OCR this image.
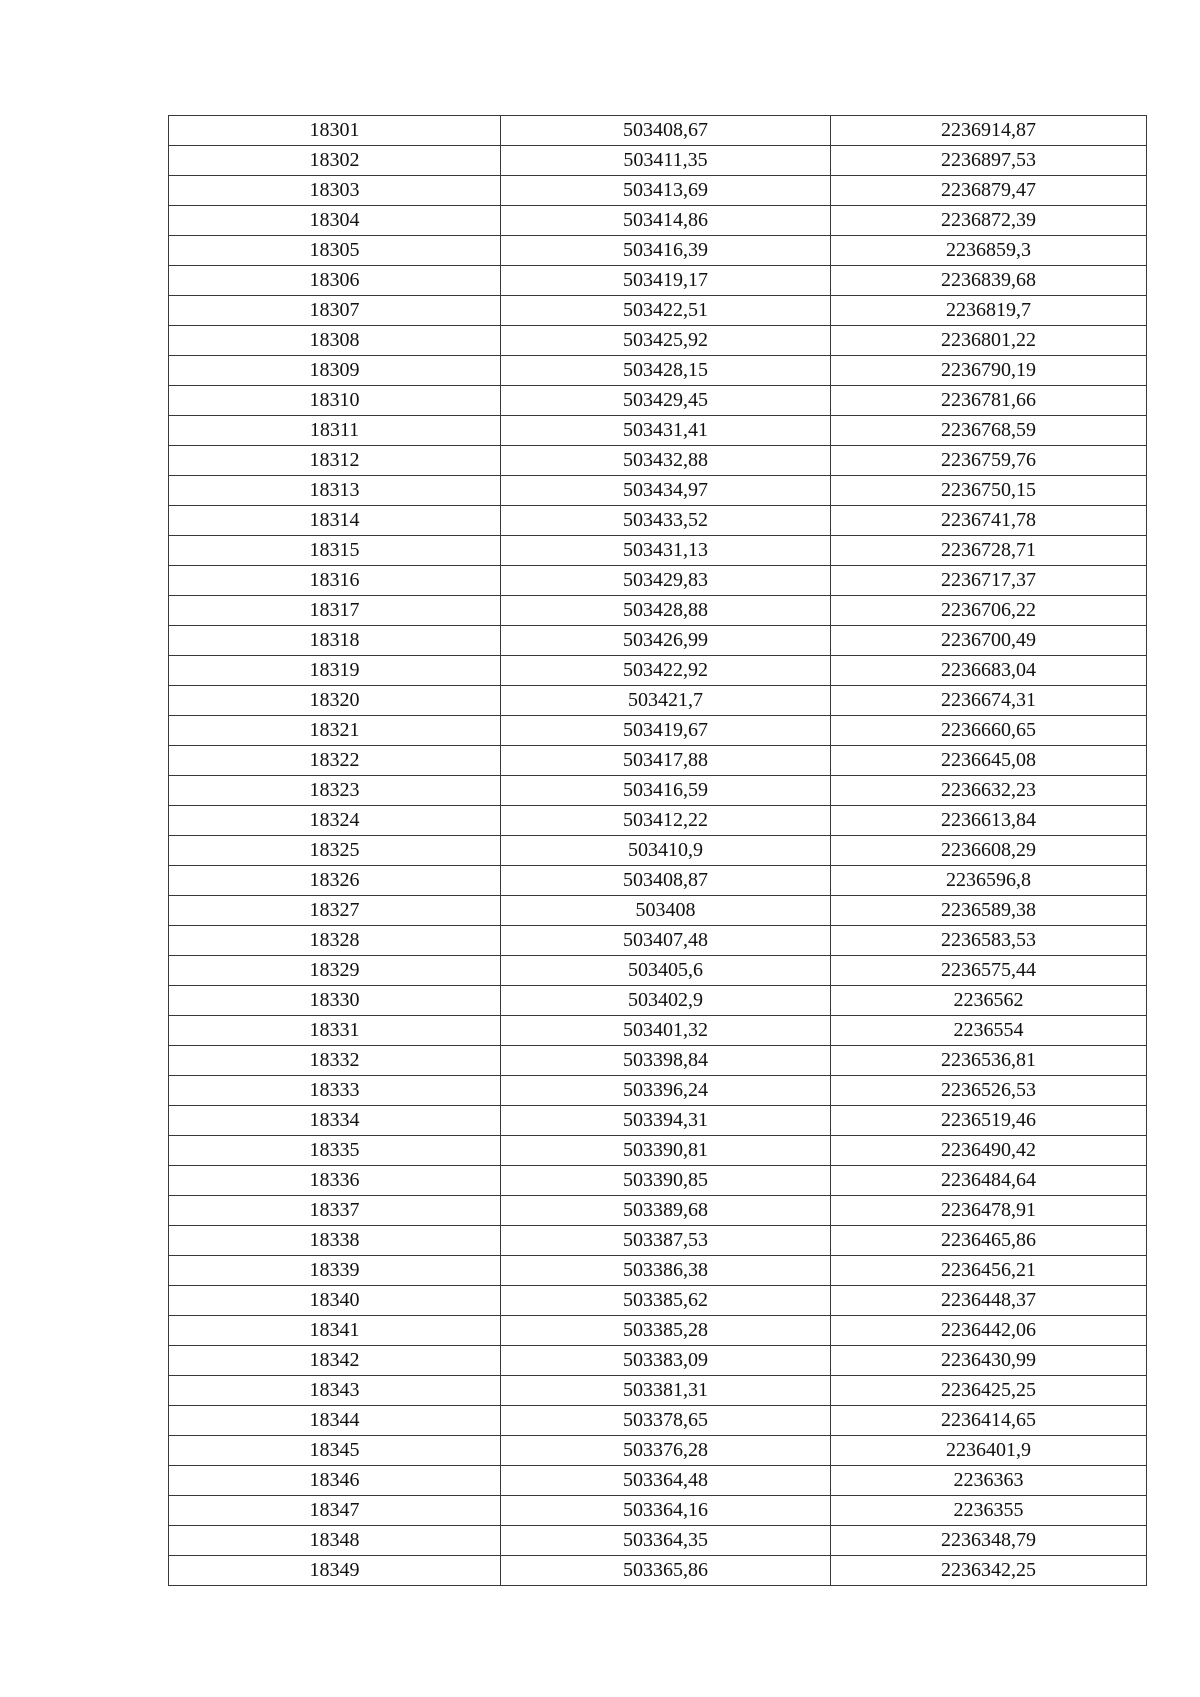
18301	503408,67	2236914,87
18302	503411,35	2236897,53
18303	503413,69	2236879,47
18304	503414,86	2236872,39
18305	503416,39	2236859,3
18306	503419,17	2236839,68
18307	503422,51	2236819,7
18308	503425,92	2236801,22
18309	503428,15	2236790,19
18310	503429,45	2236781,66
18311	503431,41	2236768,59
18312	503432,88	2236759,76
18313	503434,97	2236750,15
18314	503433,52	2236741,78
18315	503431,13	2236728,71
18316	503429,83	2236717,37
18317	503428,88	2236706,22
18318	503426,99	2236700,49
18319	503422,92	2236683,04
18320	503421,7	2236674,31
18321	503419,67	2236660,65
18322	503417,88	2236645,08
18323	503416,59	2236632,23
18324	503412,22	2236613,84
18325	503410,9	2236608,29
18326	503408,87	2236596,8
18327	503408	2236589,38
18328	503407,48	2236583,53
18329	503405,6	2236575,44
18330	503402,9	2236562
18331	503401,32	2236554
18332	503398,84	2236536,81
18333	503396,24	2236526,53
18334	503394,31	2236519,46
18335	503390,81	2236490,42
18336	503390,85	2236484,64
18337	503389,68	2236478,91
18338	503387,53	2236465,86
18339	503386,38	2236456,21
18340	503385,62	2236448,37
18341	503385,28	2236442,06
18342	503383,09	2236430,99
18343	503381,31	2236425,25
18344	503378,65	2236414,65
18345	503376,28	2236401,9
18346	503364,48	2236363
18347	503364,16	2236355
18348	503364,35	2236348,79
18349	503365,86	2236342,25
